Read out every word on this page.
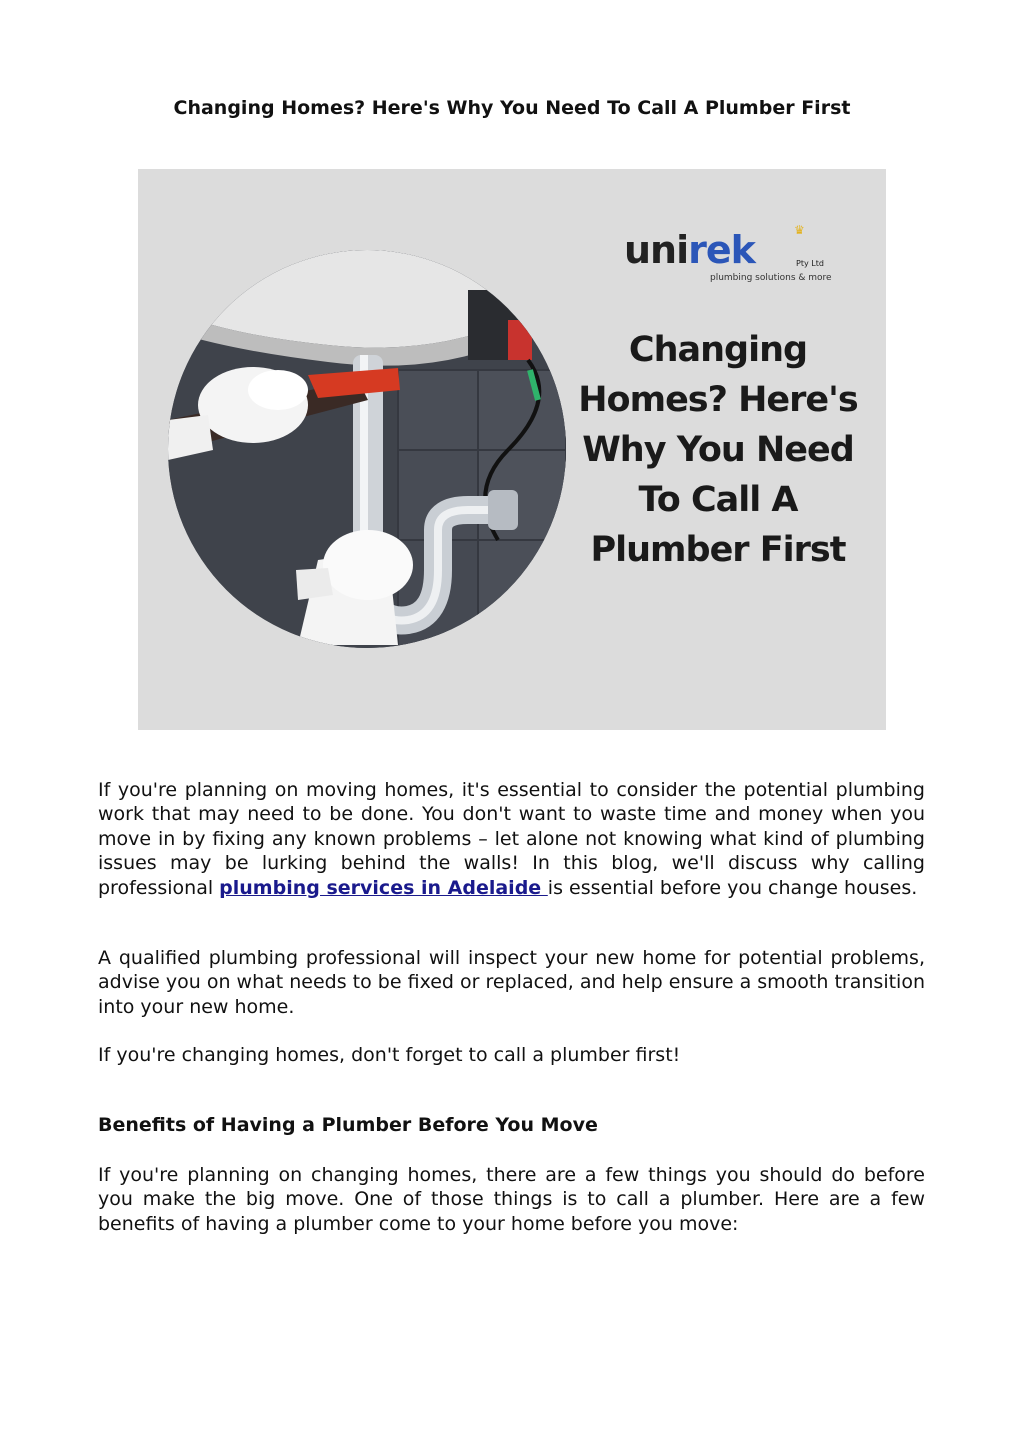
Changing Homes? Here's Why You Need To Call A Plumber First
♛
unirek	Pty Ltd
plumbing solutions & more
Changing
Homes? Here's
Why You Need
To Call A
Plumber First

If you're planning on moving homes, it's essential to consider the potential plumbing work that may need to be done. You don't want to waste time and money when you move in by fixing any known problems – let alone not knowing what kind of plumbing issues may be lurking behind the walls! In this blog, we'll discuss why calling professional plumbing services in Adelaide is essential before you change houses.

A qualified plumbing professional will inspect your new home for potential problems, advise you on what needs to be fixed or replaced, and help ensure a smooth transition into your new home.

If you're changing homes, don't forget to call a plumber first!

Benefits of Having a Plumber Before You Move

If you're planning on changing homes, there are a few things you should do before you make the big move. One of those things is to call a plumber. Here are a few benefits of having a plumber come to your home before you move:
